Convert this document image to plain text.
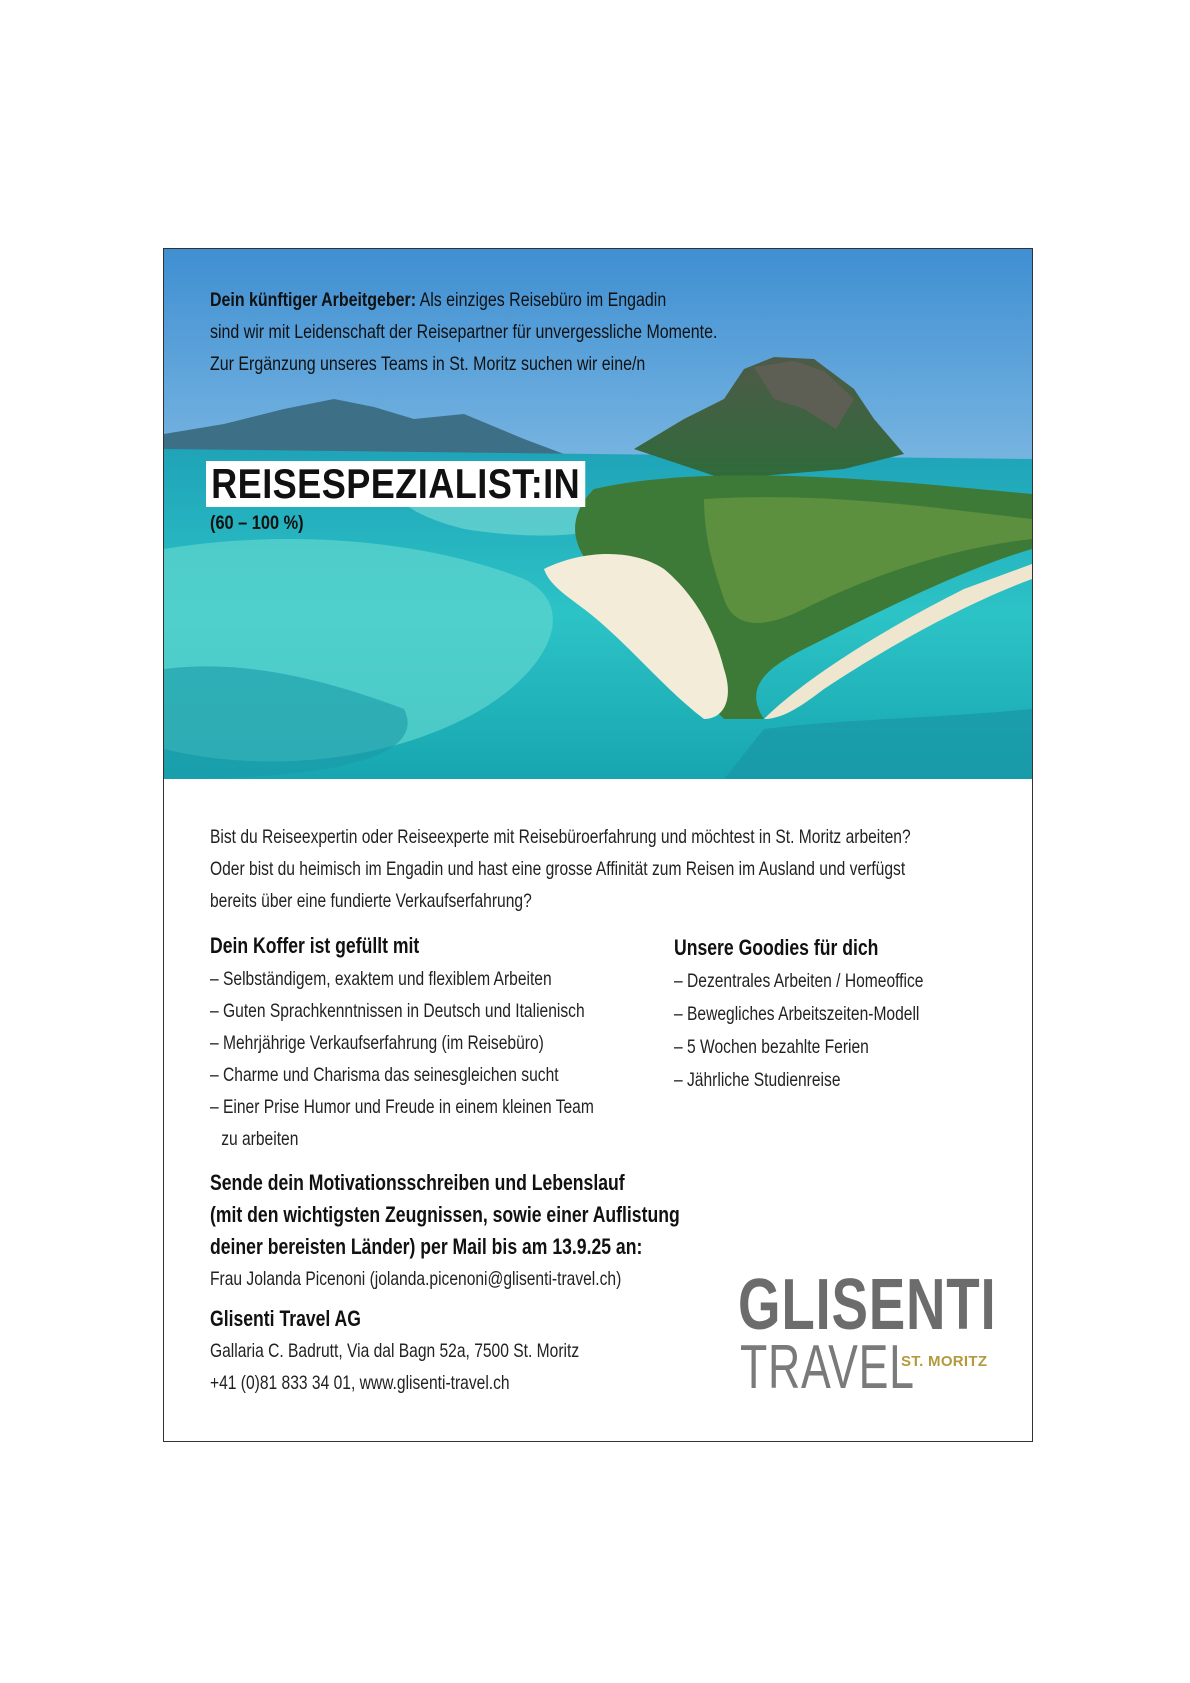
Dein künftiger Arbeitgeber: Als einziges Reisebüro im Engadin
sind wir mit Leidenschaft der Reisepartner für unvergessliche Momente.
Zur Ergänzung unseres Teams in St. Moritz suchen wir eine/n
REISESPEZIALIST:IN
(60 – 100 %)
Bist du Reiseexpertin oder Reiseexperte mit Reisebüroerfahrung und möchtest in St. Moritz arbeiten?
Oder bist du heimisch im Engadin und hast eine grosse Affinität zum Reisen im Ausland und verfügst
bereits über eine fundierte Verkaufserfahrung?
Dein Koffer ist gefüllt mit
– Selbständigem, exaktem und flexiblem Arbeiten
– Guten Sprachkenntnissen in Deutsch und Italienisch
– Mehrjährige Verkaufserfahrung (im Reisebüro)
– Charme und Charisma das seinesgleichen sucht
– Einer Prise Humor und Freude in einem kleinen Team
zu arbeiten
Unsere Goodies für dich
– Dezentrales Arbeiten / Homeoffice
– Bewegliches Arbeitszeiten-Modell
– 5 Wochen bezahlte Ferien
– Jährliche Studienreise
Sende dein Motivationsschreiben und Lebenslauf
(mit den wichtigsten Zeugnissen, sowie einer Auflistung
deiner bereisten Länder) per Mail bis am 13.9.25 an:
Frau Jolanda Picenoni (jolanda.picenoni@glisenti-travel.ch)
Glisenti Travel AG
Gallaria C. Badrutt, Via dal Bagn 52a, 7500 St. Moritz
+41 (0)81 833 34 01, www.glisenti-travel.ch
GLISENTI
TRAVEL
ST. MORITZ
